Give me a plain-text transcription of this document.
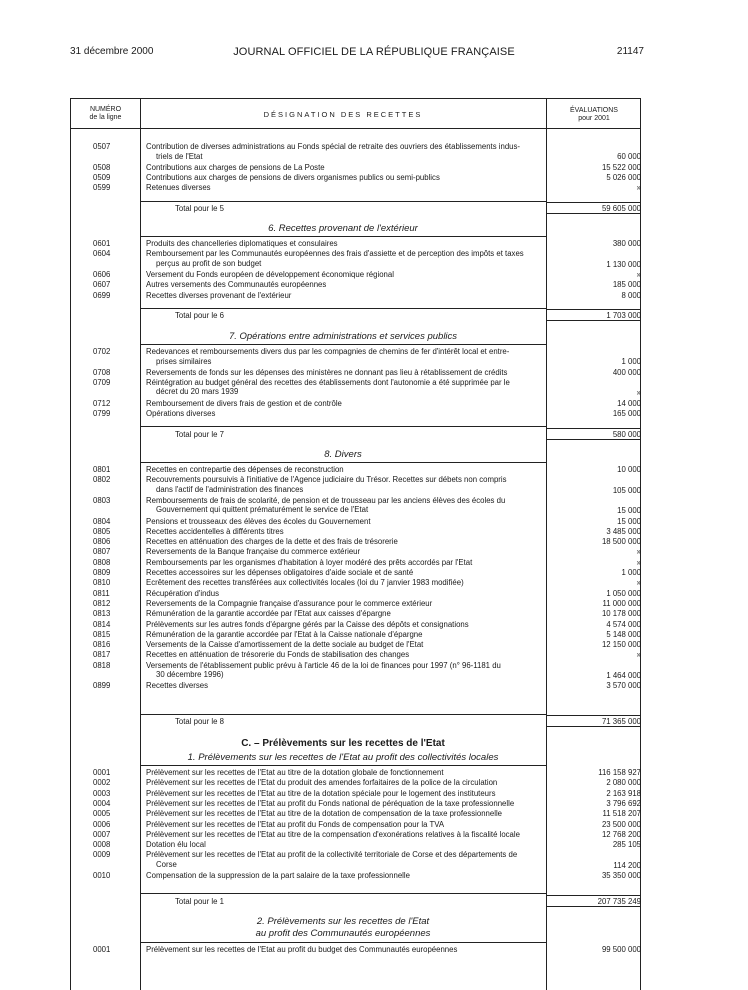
31 décembre 2000	JOURNAL OFFICIEL DE LA RÉPUBLIQUE FRANÇAISE	21147
NUMÉRO
de la ligne	DÉSIGNATION DES RECETTES	ÉVALUATIONS
pour 2001
0507	Contribution de diverses administrations au Fonds spécial de retraite des ouvriers des établissements indus-
triels de l'Etat	60 000
0508	Contributions aux charges de pensions de La Poste	15 522 000
0509	Contributions aux charges de pensions de divers organismes publics ou semi-publics	5 026 000
0599	Retenues diverses	»
Total pour le 5	59 605 000
6. Recettes provenant de l'extérieur
0601	Produits des chancelleries diplomatiques et consulaires	380 000
0604	Remboursement par les Communautés européennes des frais d'assiette et de perception des impôts et taxes
perçus au profit de son budget	1 130 000
0606	Versement du Fonds européen de développement économique régional	»
0607	Autres versements des Communautés européennes	185 000
0699	Recettes diverses provenant de l'extérieur	8 000
Total pour le 6	1 703 000
7. Opérations entre administrations et services publics
0702	Redevances et remboursements divers dus par les compagnies de chemins de fer d'intérêt local et entre-
prises similaires	1 000
0708	Reversements de fonds sur les dépenses des ministères ne donnant pas lieu à rétablissement de crédits	400 000
0709	Réintégration au budget général des recettes des établissements dont l'autonomie a été supprimée par le
décret du 20 mars 1939	»
0712	Remboursement de divers frais de gestion et de contrôle	14 000
0799	Opérations diverses	165 000
Total pour le 7	580 000
8. Divers
0801	Recettes en contrepartie des dépenses de reconstruction	10 000
0802	Recouvrements poursuivis à l'initiative de l'Agence judiciaire du Trésor. Recettes sur débets non compris
dans l'actif de l'administration des finances	105 000
0803	Remboursements de frais de scolarité, de pension et de trousseau par les anciens élèves des écoles du
Gouvernement qui quittent prématurément le service de l'Etat	15 000
0804	Pensions et trousseaux des élèves des écoles du Gouvernement	15 000
0805	Recettes accidentelles à différents titres	3 485 000
0806	Recettes en atténuation des charges de la dette et des frais de trésorerie	18 500 000
0807	Reversements de la Banque française du commerce extérieur	»
0808	Remboursements par les organismes d'habitation à loyer modéré des prêts accordés par l'Etat	»
0809	Recettes accessoires sur les dépenses obligatoires d'aide sociale et de santé	1 000
0810	Ecrêtement des recettes transférées aux collectivités locales (loi du 7 janvier 1983 modifiée)	»
0811	Récupération d'indus	1 050 000
0812	Reversements de la Compagnie française d'assurance pour le commerce extérieur	11 000 000
0813	Rémunération de la garantie accordée par l'Etat aux caisses d'épargne	10 178 000
0814	Prélèvements sur les autres fonds d'épargne gérés par la Caisse des dépôts et consignations	4 574 000
0815	Rémunération de la garantie accordée par l'Etat à la Caisse nationale d'épargne	5 148 000
0816	Versements de la Caisse d'amortissement de la dette sociale au budget de l'Etat	12 150 000
0817	Recettes en atténuation de trésorerie du Fonds de stabilisation des changes	»
0818	Versements de l'établissement public prévu à l'article 46 de la loi de finances pour 1997 (n° 96-1181 du
30 décembre 1996)	1 464 000
0899	Recettes diverses	3 570 000
Total pour le 8	71 365 000
C. – Prélèvements sur les recettes de l'Etat
1. Prélèvements sur les recettes de l'Etat au profit des collectivités locales
0001	Prélèvement sur les recettes de l'Etat au titre de la dotation globale de fonctionnement	116 158 927
0002	Prélèvement sur les recettes de l'Etat du produit des amendes forfaitaires de la police de la circulation	2 080 000
0003	Prélèvement sur les recettes de l'Etat au titre de la dotation spéciale pour le logement des instituteurs	2 163 918
0004	Prélèvement sur les recettes de l'Etat au profit du Fonds national de péréquation de la taxe professionnelle	3 796 692
0005	Prélèvement sur les recettes de l'Etat au titre de la dotation de compensation de la taxe professionnelle	11 518 207
0006	Prélèvement sur les recettes de l'Etat au profit du Fonds de compensation pour la TVA	23 500 000
0007	Prélèvement sur les recettes de l'Etat au titre de la compensation d'exonérations relatives à la fiscalité locale	12 768 200
0008	Dotation élu local	285 105
0009	Prélèvement sur les recettes de l'Etat au profit de la collectivité territoriale de Corse et des départements de
Corse	114 200
0010	Compensation de la suppression de la part salaire de la taxe professionnelle	35 350 000
Total pour le 1	207 735 249
2. Prélèvements sur les recettes de l'Etat
au profit des Communautés européennes
0001	Prélèvement sur les recettes de l'Etat au profit du budget des Communautés européennes	99 500 000
